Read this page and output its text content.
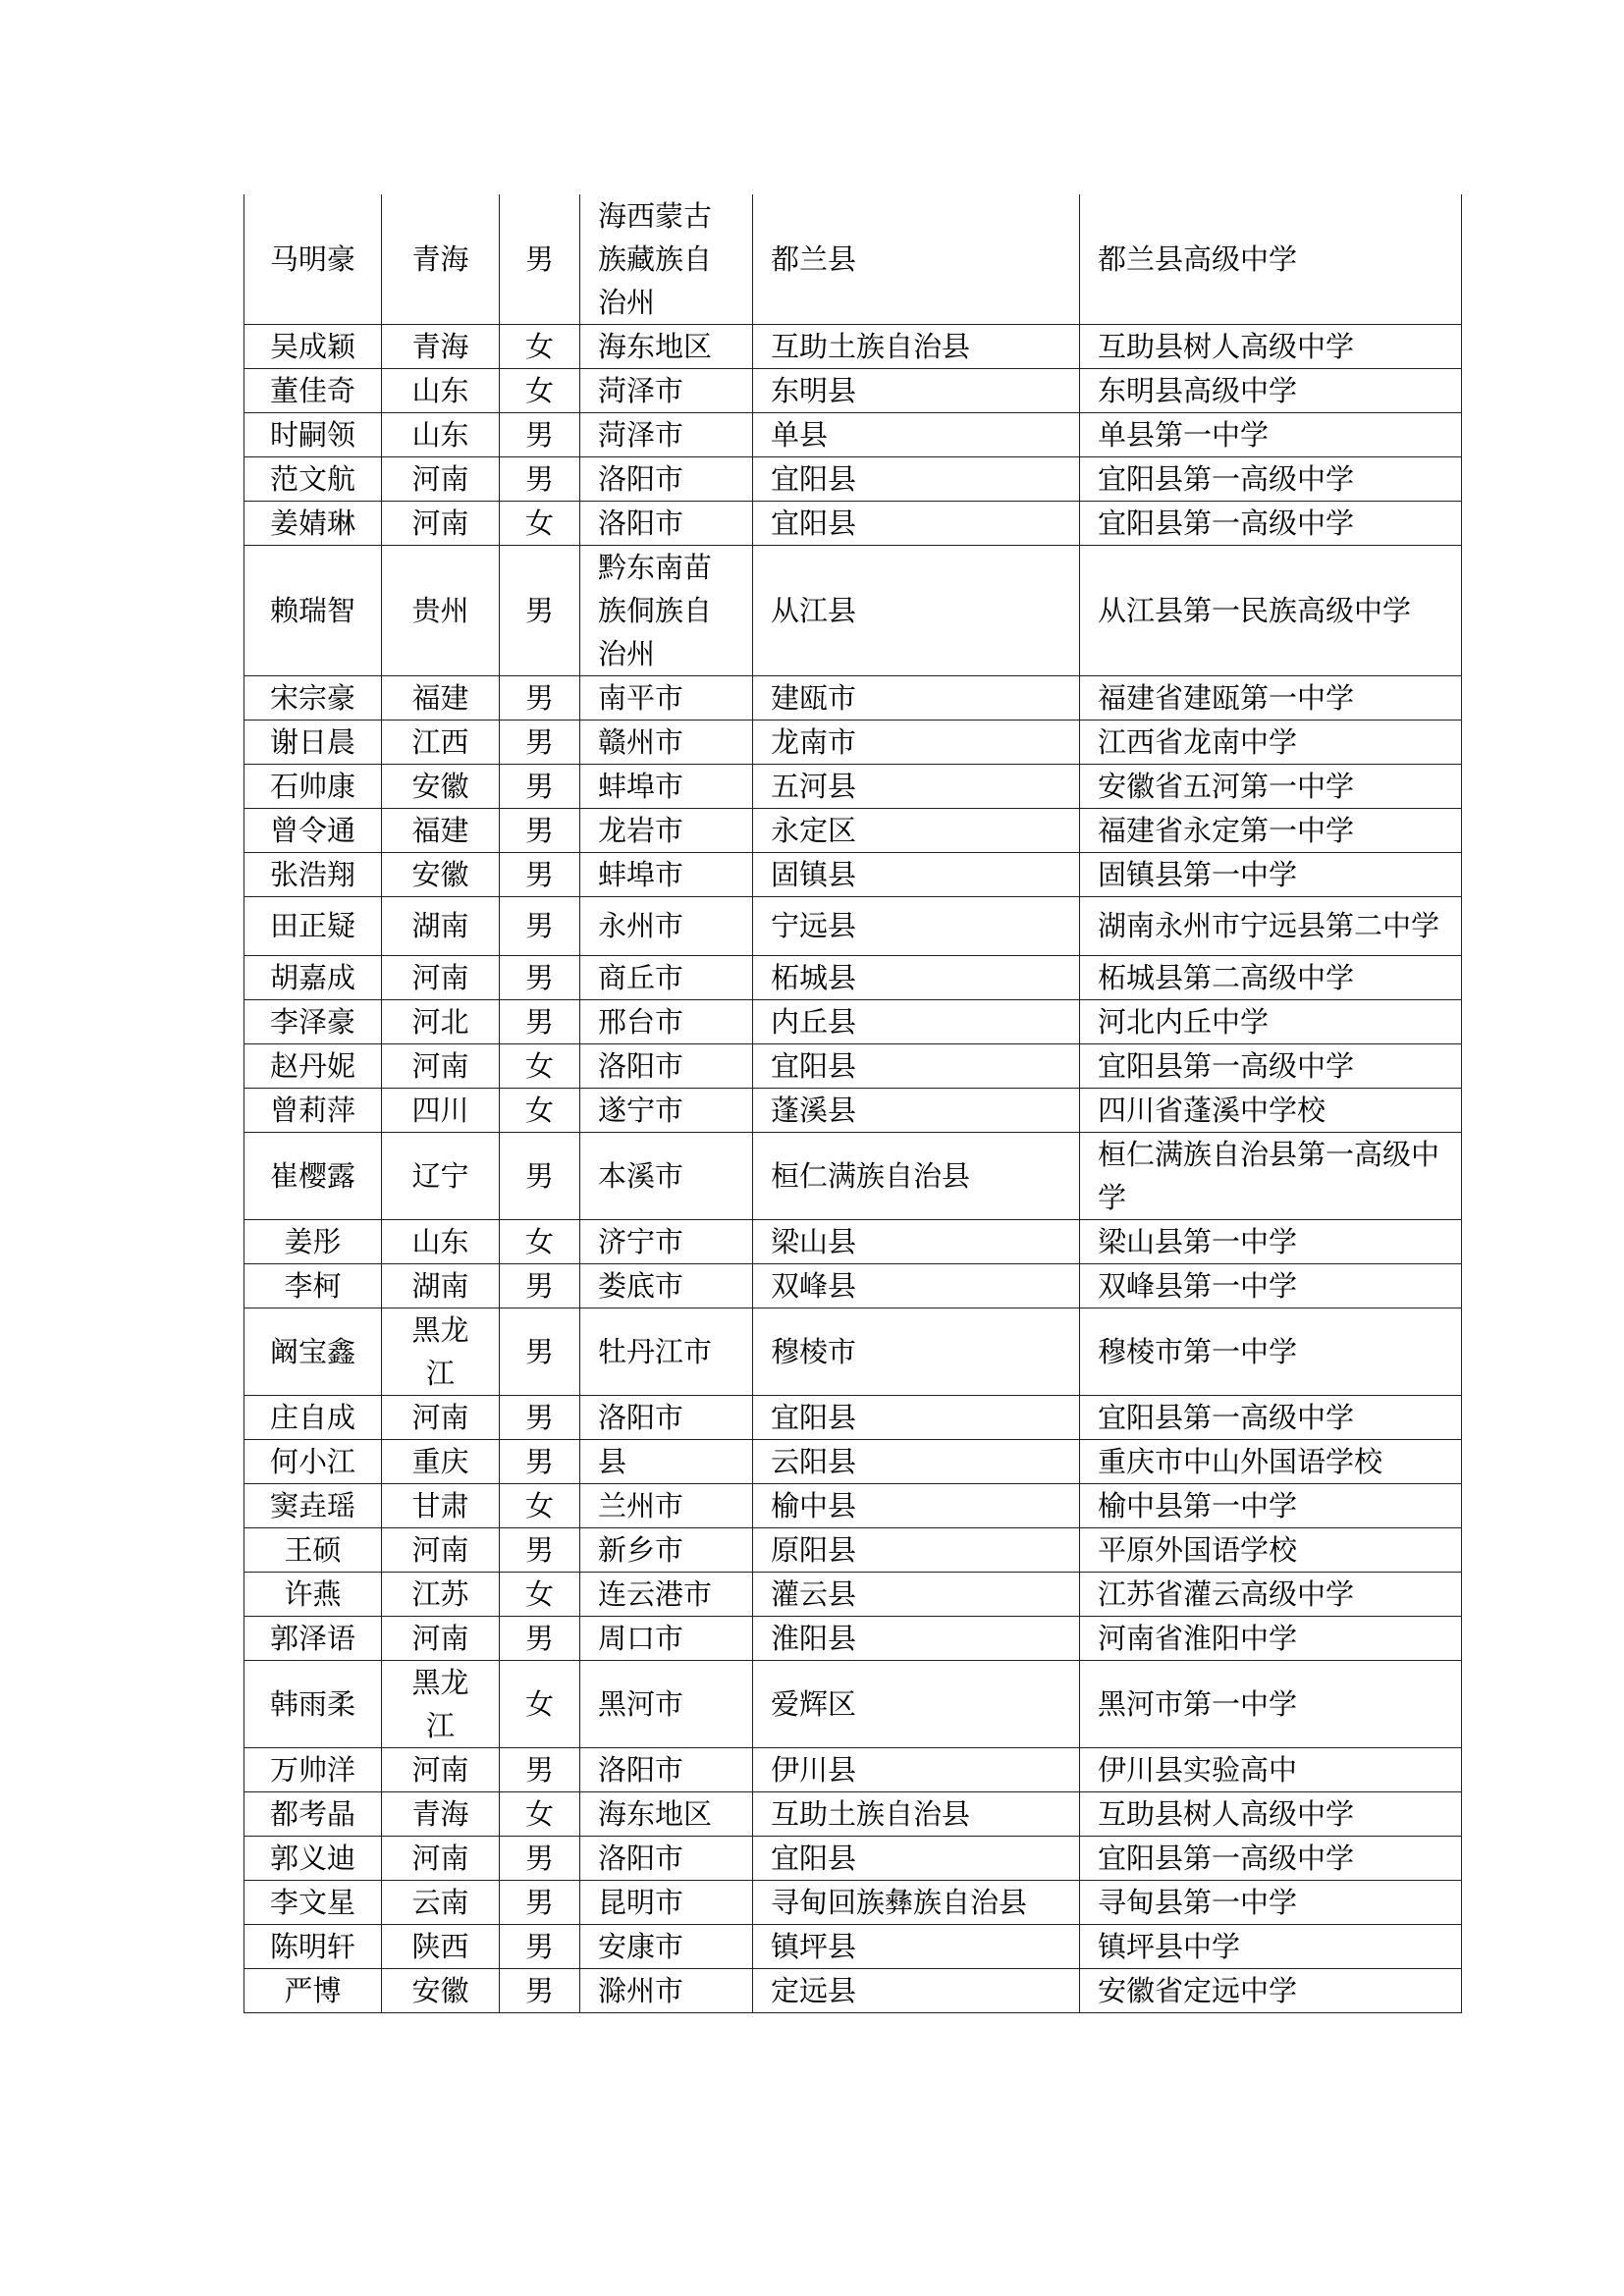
马明豪	青海	男	海西蒙古族藏族自治州	都兰县	都兰县高级中学
吴成颖	青海	女	海东地区	互助土族自治县	互助县树人高级中学
董佳奇	山东	女	菏泽市	东明县	东明县高级中学
时嗣领	山东	男	菏泽市	单县	单县第一中学
范文航	河南	男	洛阳市	宜阳县	宜阳县第一高级中学
姜婧琳	河南	女	洛阳市	宜阳县	宜阳县第一高级中学
赖瑞智	贵州	男	黔东南苗族侗族自治州	从江县	从江县第一民族高级中学
宋宗豪	福建	男	南平市	建瓯市	福建省建瓯第一中学
谢日晨	江西	男	赣州市	龙南市	江西省龙南中学
石帅康	安徽	男	蚌埠市	五河县	安徽省五河第一中学
曾令通	福建	男	龙岩市	永定区	福建省永定第一中学
张浩翔	安徽	男	蚌埠市	固镇县	固镇县第一中学
田正疑	湖南	男	永州市	宁远县	湖南永州市宁远县第二中学
胡嘉成	河南	男	商丘市	柘城县	柘城县第二高级中学
李泽豪	河北	男	邢台市	内丘县	河北内丘中学
赵丹妮	河南	女	洛阳市	宜阳县	宜阳县第一高级中学
曾莉萍	四川	女	遂宁市	蓬溪县	四川省蓬溪中学校
崔樱露	辽宁	男	本溪市	桓仁满族自治县	桓仁满族自治县第一高级中学
姜彤	山东	女	济宁市	梁山县	梁山县第一中学
李柯	湖南	男	娄底市	双峰县	双峰县第一中学
阚宝鑫	黑龙江	男	牡丹江市	穆棱市	穆棱市第一中学
庄自成	河南	男	洛阳市	宜阳县	宜阳县第一高级中学
何小江	重庆	男	县	云阳县	重庆市中山外国语学校
窦垚瑶	甘肃	女	兰州市	榆中县	榆中县第一中学
王硕	河南	男	新乡市	原阳县	平原外国语学校
许燕	江苏	女	连云港市	灌云县	江苏省灌云高级中学
郭泽语	河南	男	周口市	淮阳县	河南省淮阳中学
韩雨柔	黑龙江	女	黑河市	爱辉区	黑河市第一中学
万帅洋	河南	男	洛阳市	伊川县	伊川县实验高中
都考晶	青海	女	海东地区	互助土族自治县	互助县树人高级中学
郭义迪	河南	男	洛阳市	宜阳县	宜阳县第一高级中学
李文星	云南	男	昆明市	寻甸回族彝族自治县	寻甸县第一中学
陈明轩	陕西	男	安康市	镇坪县	镇坪县中学
严博	安徽	男	滁州市	定远县	安徽省定远中学
